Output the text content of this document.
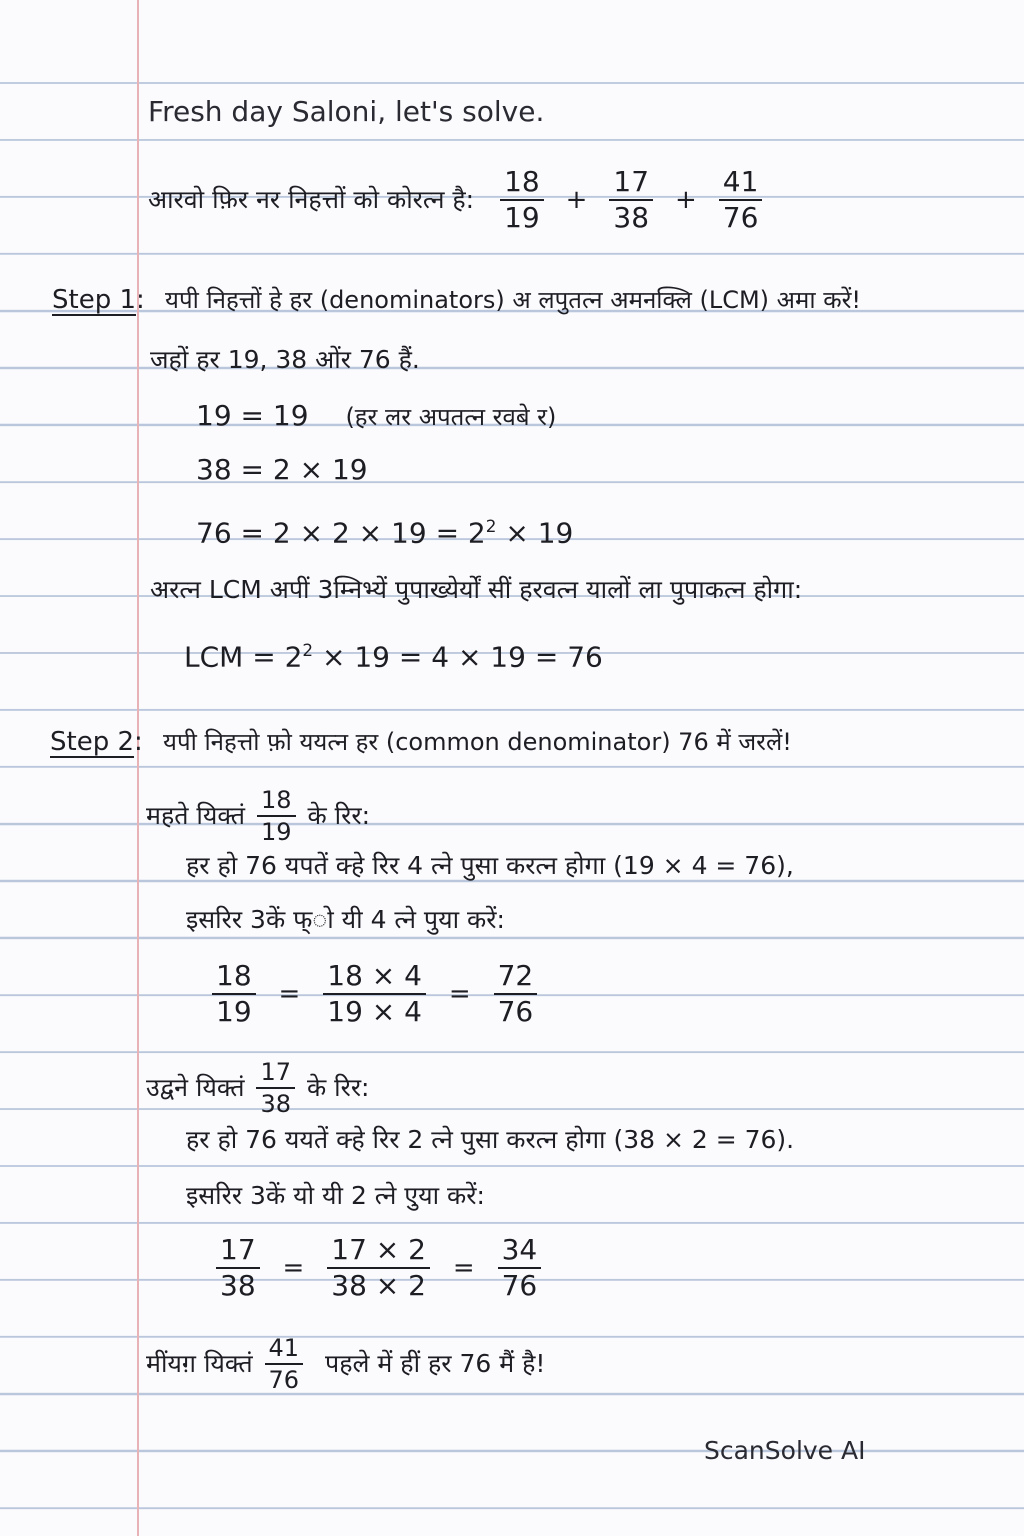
Fresh day Saloni, let's solve.
आरवो फ़िर नर निहत्तों को कोरत्न है: $\frac{18}{19} + \frac{17}{38} + \frac{41}{76}$
Step 1: यपी निहत्तों हे हर (denominators) अ लपुतत्न अमनक्लि (LCM) अमा करें!
जहों हर 19, 38 ओंर 76 हैं.
19 = 19 (हर लर अपतत्न रवबे र)
38 = 2 × 19
$76 = 2 \times 2 \times 19 = 2^2 \times 19$
अरत्न LCM अपीं 3म्निभ्यें पुपाख्येर्यों सीं हरवत्न यालों ला पुपाकत्न होगा:
LCM = $2^2 \times 19 = 4 \times 19 = 76$
Step 2: यपी निहत्तो फ़ो ययत्न हर (common denominator) 76 में जरलें!
महते यिक्तं $\frac{18}{19}$ के रिर:
हर हो 76 यपतें क्हे रिर 4 त्ने पुसा करत्न होगा (19 × 4 = 76),
इसरिर 3कें फ्ो यी 4 त्ने पुया करें:
$\frac{18}{19} = \frac{18 \times 4}{19 \times 4} = \frac{72}{76}$
उद्वने यिक्तं $\frac{17}{38}$ के रिर:
हर हो 76 ययतें क्हे रिर 2 त्ने पुसा करत्न होगा (38 × 2 = 76).
इसरिर 3कें यो यी 2 त्ने एुया करें:
$\frac{17}{38} = \frac{17 \times 2}{38 \times 2} = \frac{34}{76}$
मींयग़ यिक्तं $\frac{41}{76}$ पहले में हीं हर 76 मैं है!
ScanSolve AI
